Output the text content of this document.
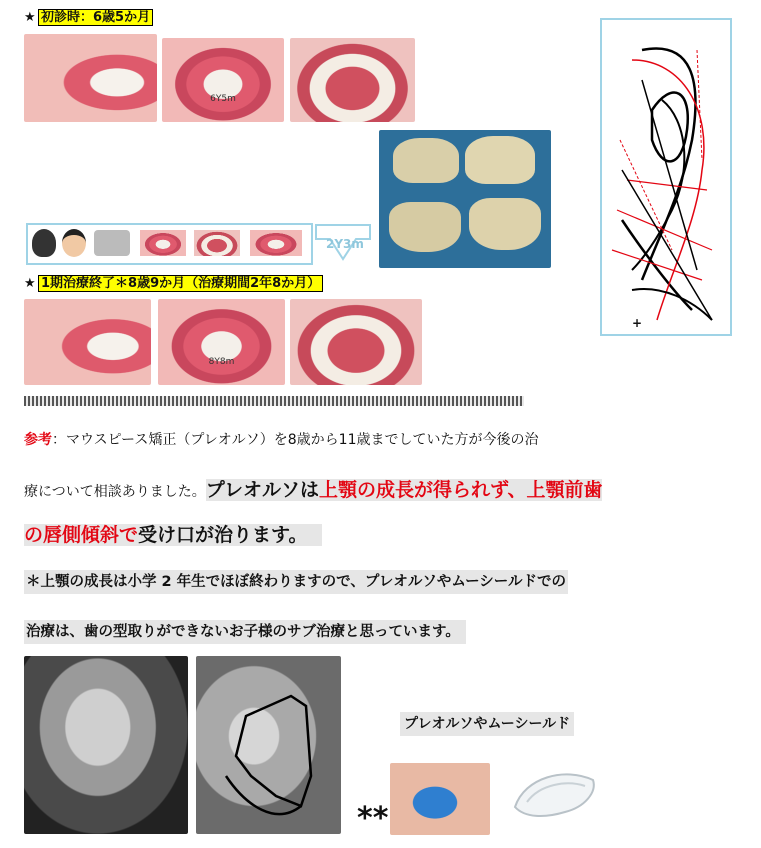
★ 初診時：6歳5か月
6Y5m
2Y3m
★ 1期治療終了＊8歳9か月（治療期間2年8か月）
8Y8m
+
参考：マウスピース矯正（プレオルソ）を8歳から11歳までしていた方が今後の治
療について相談ありました。プレオルソは上顎の成長が得られず、上顎前歯
の唇側傾斜で受け口が治ります。
＊上顎の成長は小学 2 年生でほぼ終わりますので、プレオルソやムーシールドでの
治療は、歯の型取りができないお子様のサブ治療と思っています。
プレオルソやムーシールド
**
